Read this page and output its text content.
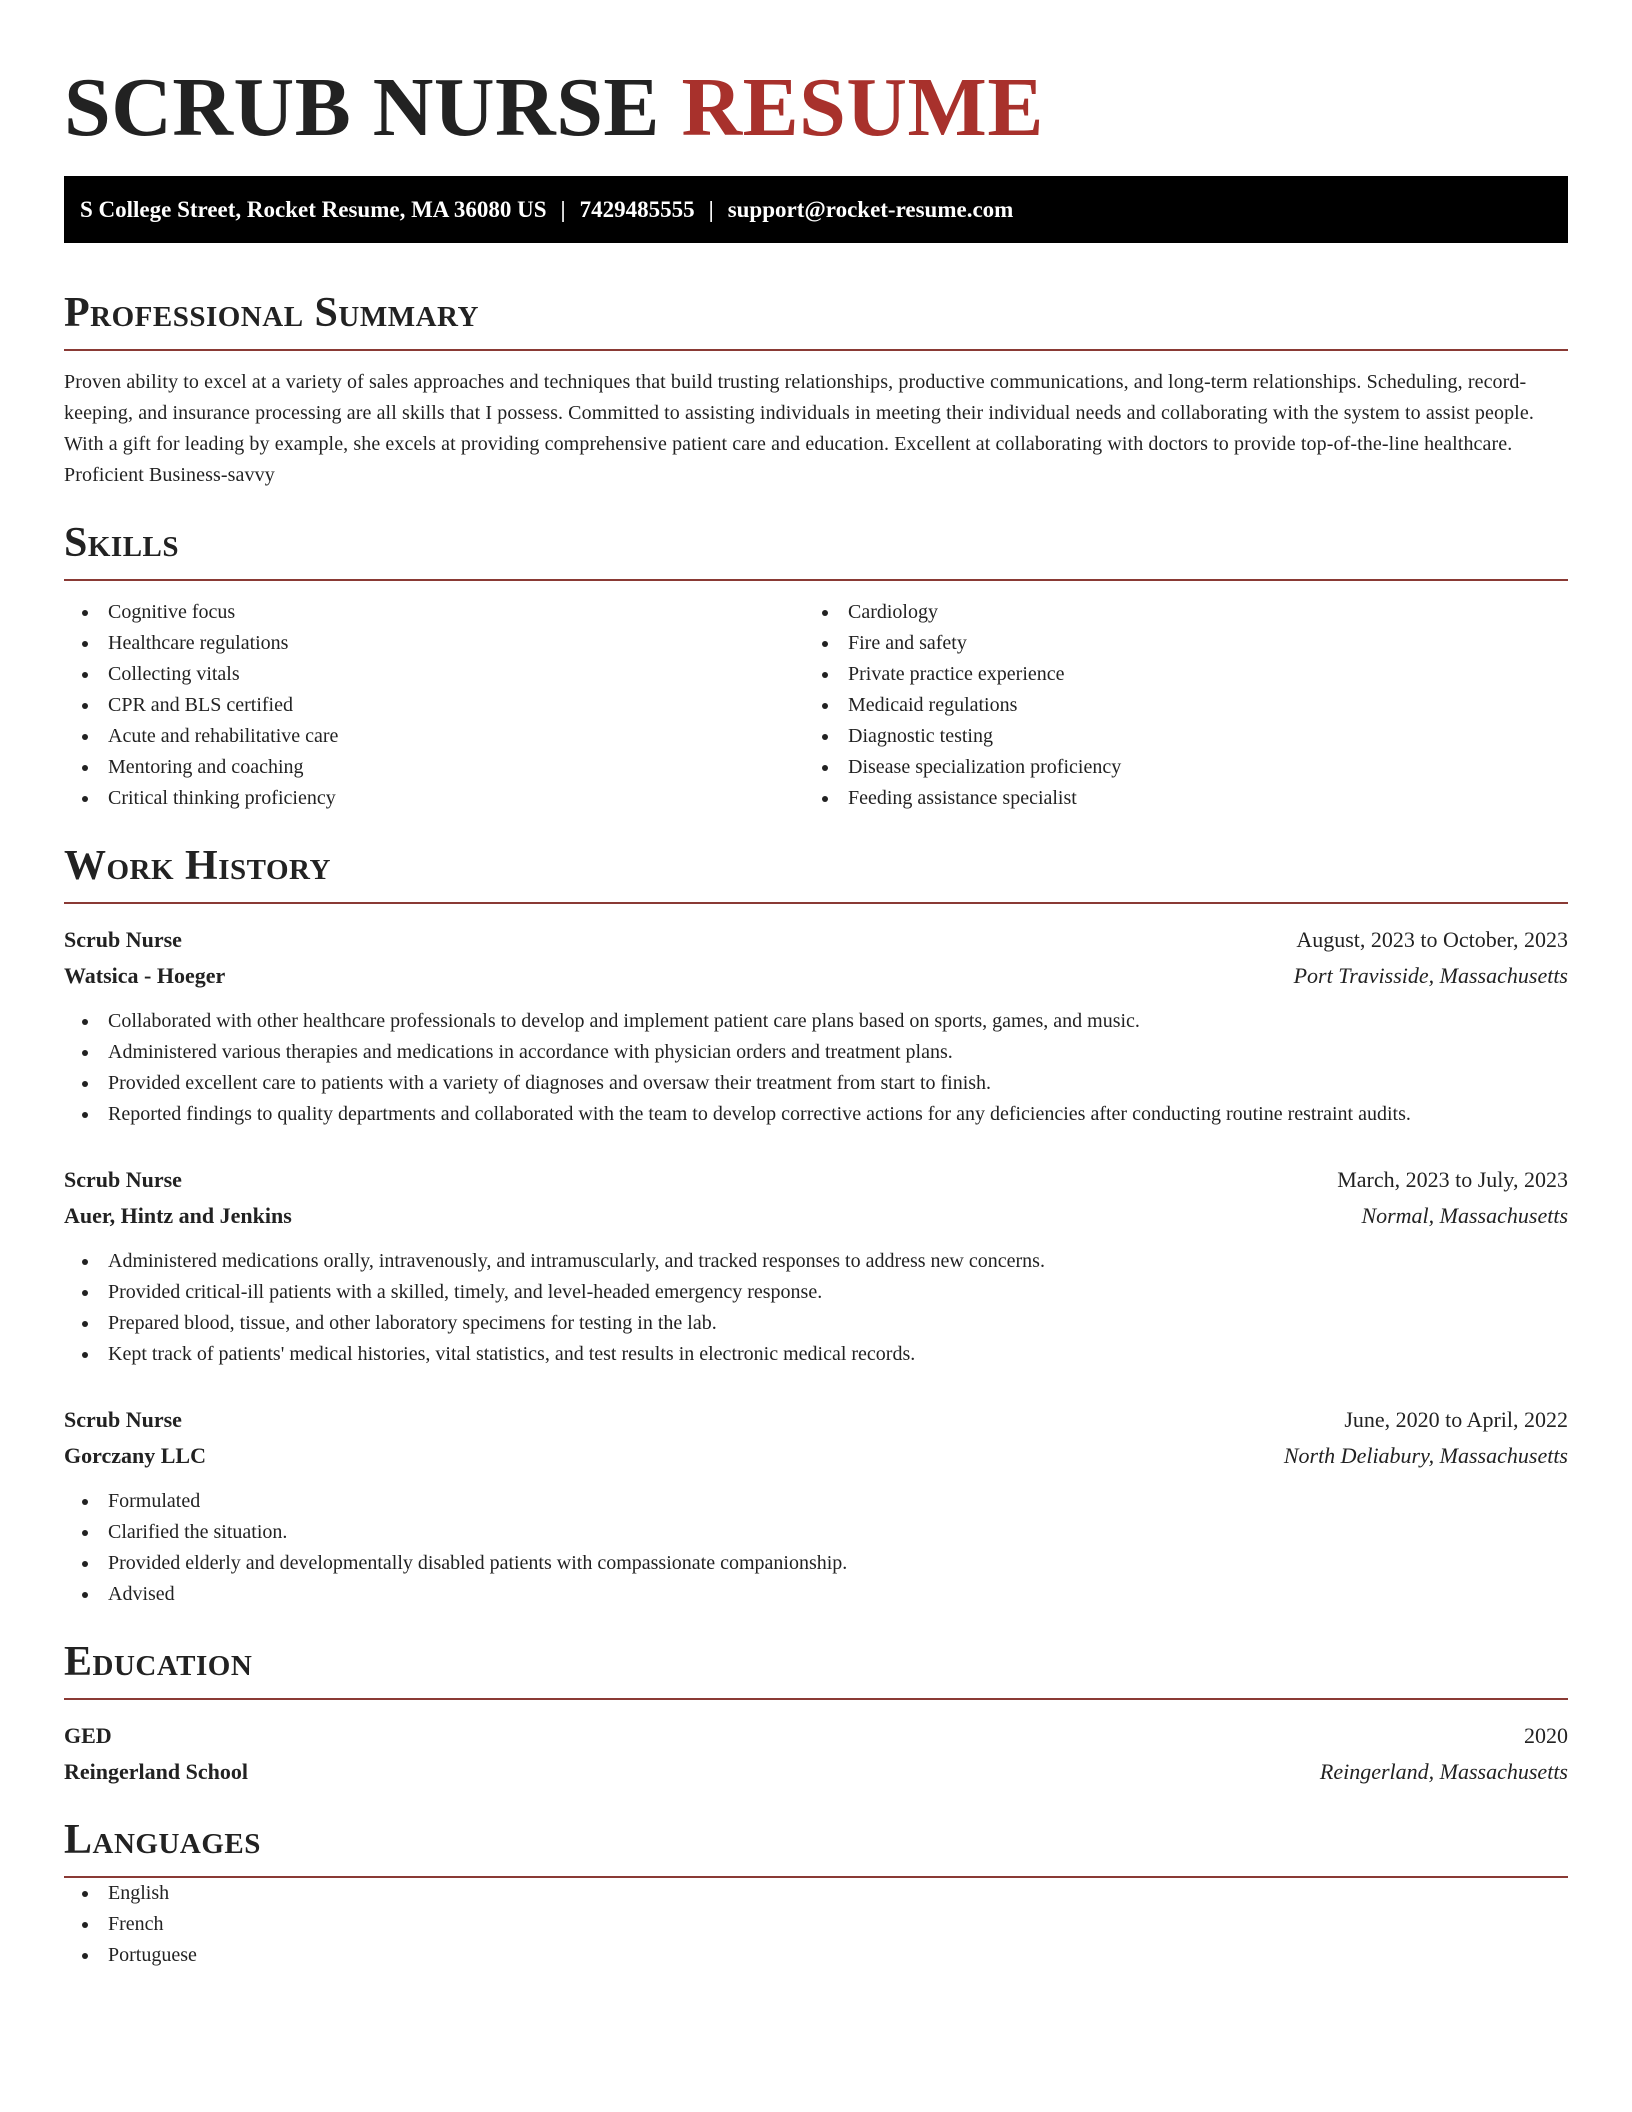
SCRUB NURSE RESUME
S College Street, Rocket Resume, MA 36080 US | 7429485555 | support@rocket-resume.com
Professional Summary
Proven ability to excel at a variety of sales approaches and techniques that build trusting relationships, productive communications, and long-term relationships. Scheduling, record-keeping, and insurance processing are all skills that I possess. Committed to assisting individuals in meeting their individual needs and collaborating with the system to assist people. With a gift for leading by example, she excels at providing comprehensive patient care and education. Excellent at collaborating with doctors to provide top-of-the-line healthcare. Proficient Business-savvy
Skills
Cognitive focus
Healthcare regulations
Collecting vitals
CPR and BLS certified
Acute and rehabilitative care
Mentoring and coaching
Critical thinking proficiency
Cardiology
Fire and safety
Private practice experience
Medicaid regulations
Diagnostic testing
Disease specialization proficiency
Feeding assistance specialist
Work History
Scrub Nurse	August, 2023 to October, 2023
Watsica - Hoeger	Port Travisside, Massachusetts
Collaborated with other healthcare professionals to develop and implement patient care plans based on sports, games, and music.
Administered various therapies and medications in accordance with physician orders and treatment plans.
Provided excellent care to patients with a variety of diagnoses and oversaw their treatment from start to finish.
Reported findings to quality departments and collaborated with the team to develop corrective actions for any deficiencies after conducting routine restraint audits.
Scrub Nurse	March, 2023 to July, 2023
Auer, Hintz and Jenkins	Normal, Massachusetts
Administered medications orally, intravenously, and intramuscularly, and tracked responses to address new concerns.
Provided critical-ill patients with a skilled, timely, and level-headed emergency response.
Prepared blood, tissue, and other laboratory specimens for testing in the lab.
Kept track of patients' medical histories, vital statistics, and test results in electronic medical records.
Scrub Nurse	June, 2020 to April, 2022
Gorczany LLC	North Deliabury, Massachusetts
Formulated
Clarified the situation.
Provided elderly and developmentally disabled patients with compassionate companionship.
Advised
Education
GED	2020
Reingerland School	Reingerland, Massachusetts
Languages
English
French
Portuguese
